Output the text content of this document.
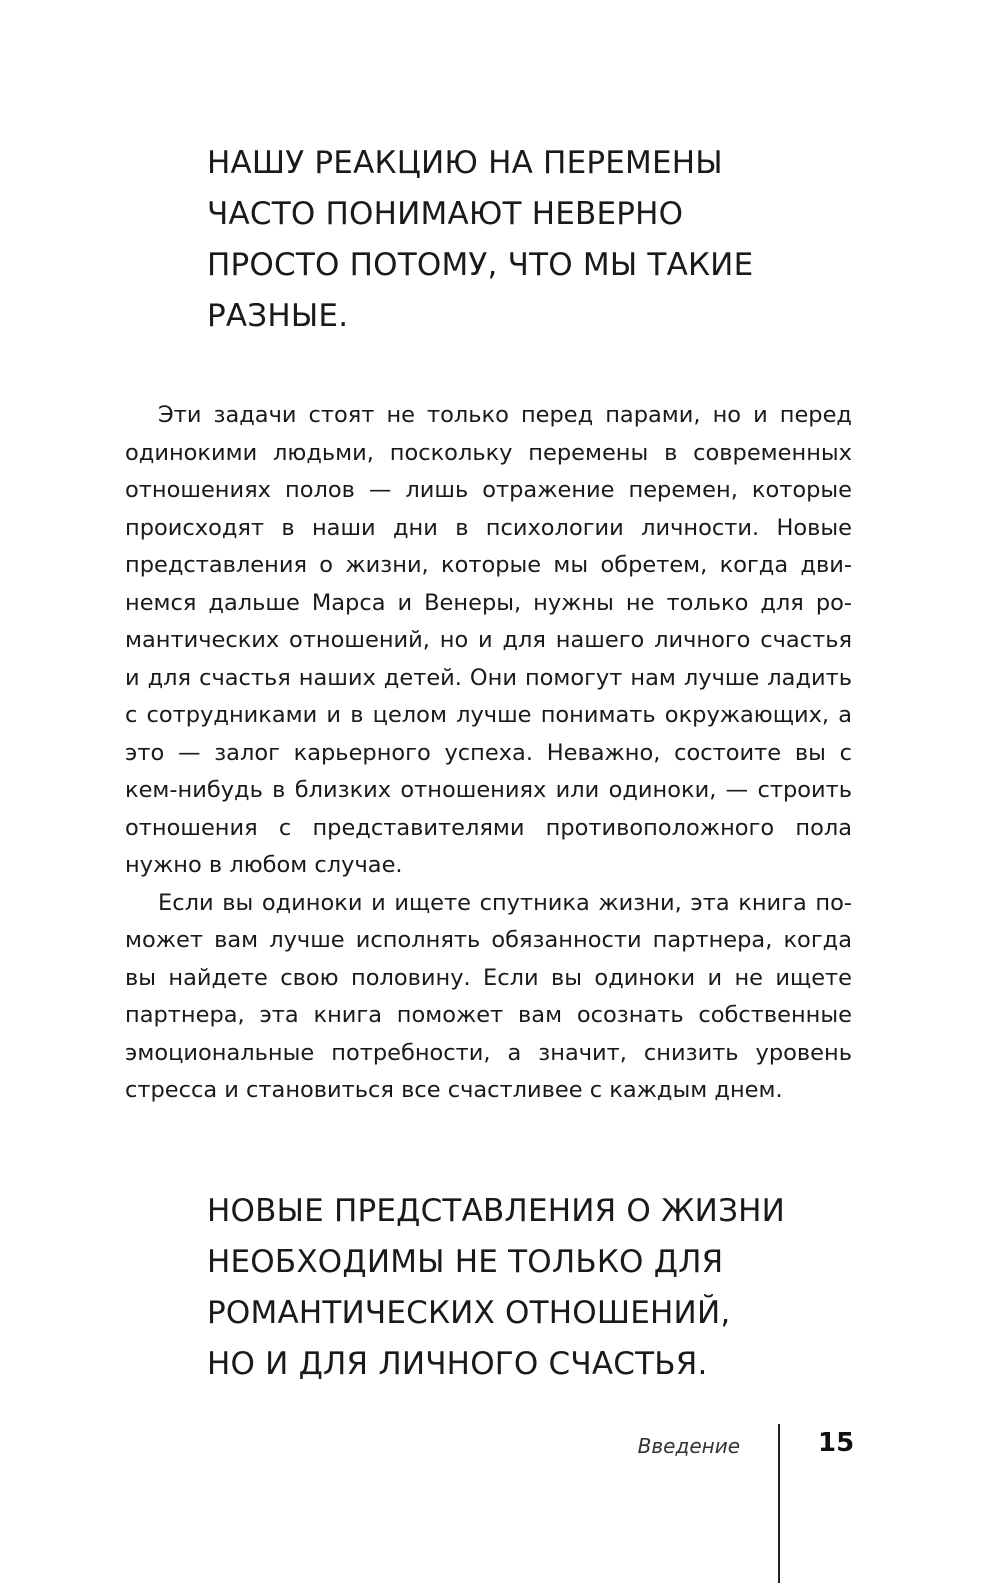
НАШУ РЕАКЦИЮ НА ПЕРЕМЕНЫ
ЧАСТО ПОНИМАЮТ НЕВЕРНО
ПРОСТО ПОТОМУ, ЧТО МЫ ТАКИЕ
РАЗНЫЕ.

Эти задачи стоят не только перед парами, но и перед одинокими людьми, поскольку перемены в современных отношениях полов — лишь отражение перемен, которые происходят в наши дни в психологии личности. Новые представления о жизни, которые мы обретем, когда двинемся дальше Марса и Венеры, нужны не только для романтических отношений, но и для нашего личного счастья и для счастья наших детей. Они помогут нам лучше ладить с сотрудниками и в целом лучше понимать окружающих, а это — залог карьерного успеха. Неважно, состоите вы с кем-нибудь в близких отношениях или одиноки, — строить отношения с представителями противоположного пола нужно в любом случае.

Если вы одиноки и ищете спутника жизни, эта книга поможет вам лучше исполнять обязанности партнера, когда вы найдете свою половину. Если вы одиноки и не ищете партнера, эта книга поможет вам осознать собственные эмоциональные потребности, а значит, снизить уровень стресса и становиться все счастливее с каждым днем.

НОВЫЕ ПРЕДСТАВЛЕНИЯ О ЖИЗНИ
НЕОБХОДИМЫ НЕ ТОЛЬКО ДЛЯ
РОМАНТИЧЕСКИХ ОТНОШЕНИЙ,
НО И ДЛЯ ЛИЧНОГО СЧАСТЬЯ.
Введение	15
